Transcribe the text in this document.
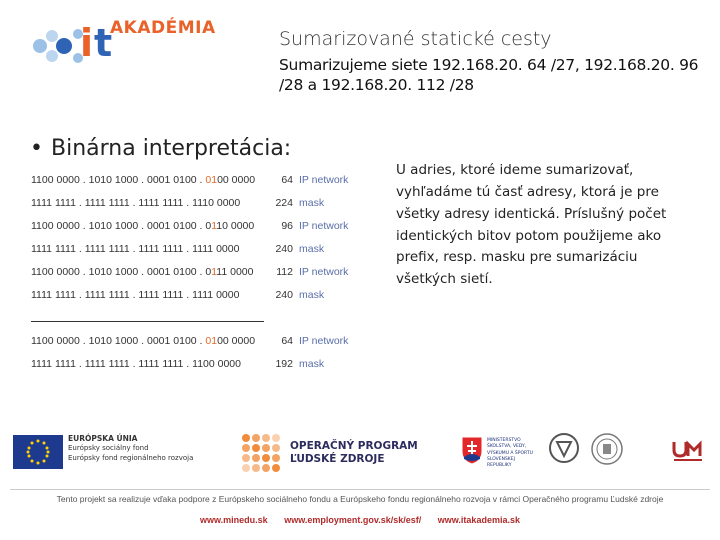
i t
AKADÉMIA	Sumarizované statické cesty
Sumarizujeme siete 192.168.20. 64 /27, 192.168.20. 96 /28 a 192.168.20. 112 /28
• Binárna interpretácia:
1100 0000 . 1010 1000 . 0001 0100 . 0100 0000	64 IP network
1111 1111 . 1111 1111 . 1111 1111 . 1110 0000	224 mask
1100 0000 . 1010 1000 . 0001 0100 . 0110 0000	96 IP network
1111 1111 . 1111 1111 . 1111 1111 . 1111 0000	240 mask
1100 0000 . 1010 1000 . 0001 0100 . 0111 0000 112 IP network
1111 1111 . 1111 1111 . 1111 1111 . 1111 0000	240 mask
1100 0000 . 1010 1000 . 0001 0100 . 0100 0000	64 IP network
1111 1111 . 1111 1111 . 1111 1111 . 1100 0000	192 mask
U adries, ktoré ideme sumarizovať, vyhľadáme tú časť adresy, ktorá je pre všetky adresy identická. Príslušný počet identických bitov potom použijeme ako prefix, resp. masku pre sumarizáciu všetkých sietí.
EURÓPSKA ÚNIA
Európsky sociálny fond
Európsky fond regionálneho rozvoja
OPERAČNÝ PROGRAM
ĽUDSKÉ ZDROJE
MINISTERSTVO ŠKOLSTVA, VEDY, VÝSKUMU A ŠPORTU SLOVENSKEJ REPUBLIKY
Tento projekt sa realizuje vďaka podpore z Európskeho sociálneho fondu a Európskeho fondu regionálneho rozvoja v rámci Operačného programu Ľudské zdroje
www.minedu.sk www.employment.gov.sk/sk/esf/ www.itakademia.sk
